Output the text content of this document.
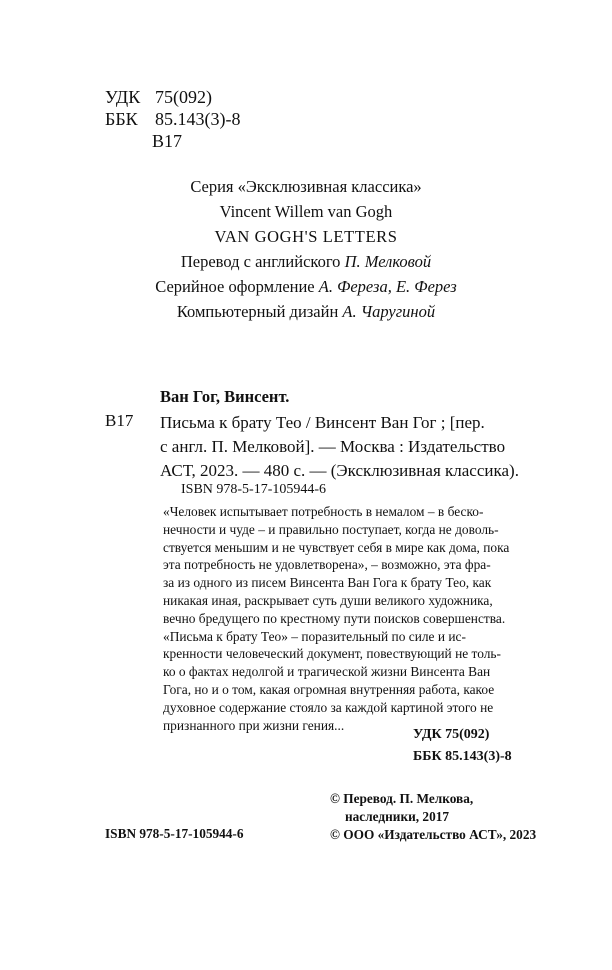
УДК 75(092)
ББК 85.143(3)-8
В17
Серия «Эксклюзивная классика»
Vincent Willem van Gogh
VAN GOGH'S LETTERS
Перевод с английского П. Мелковой
Серийное оформление А. Фереза, Е. Ферез
Компьютерный дизайн А. Чаругиной
Ван Гог, Винсент.
В17 Письма к брату Тео / Винсент Ван Гог ; [пер.
с англ. П. Мелковой]. — Москва : Издательство
АСТ, 2023. — 480 с. — (Эксклюзивная классика).
ISBN 978-5-17-105944-6
«Человек испытывает потребность в немалом – в беско-
нечности и чуде – и правильно поступает, когда не доволь-
ствуется меньшим и не чувствует себя в мире как дома, пока
эта потребность не удовлетворена», – возможно, эта фра-
за из одного из писем Винсента Ван Гога к брату Тео, как
никакая иная, раскрывает суть души великого художника,
вечно бредущего по крестному пути поисков совершенства.
«Письма к брату Тео» – поразительный по силе и ис-
кренности человеческий документ, повествующий не толь-
ко о фактах недолгой и трагической жизни Винсента Ван
Гога, но и о том, какая огромная внутренняя работа, какое
духовное содержание стояло за каждой картиной этого не
признанного при жизни гения...
УДК 75(092)
ББК 85.143(3)-8
© Перевод. П. Мелкова,
наследники, 2017
© ООО «Издательство АСТ», 2023
ISBN 978-5-17-105944-6
